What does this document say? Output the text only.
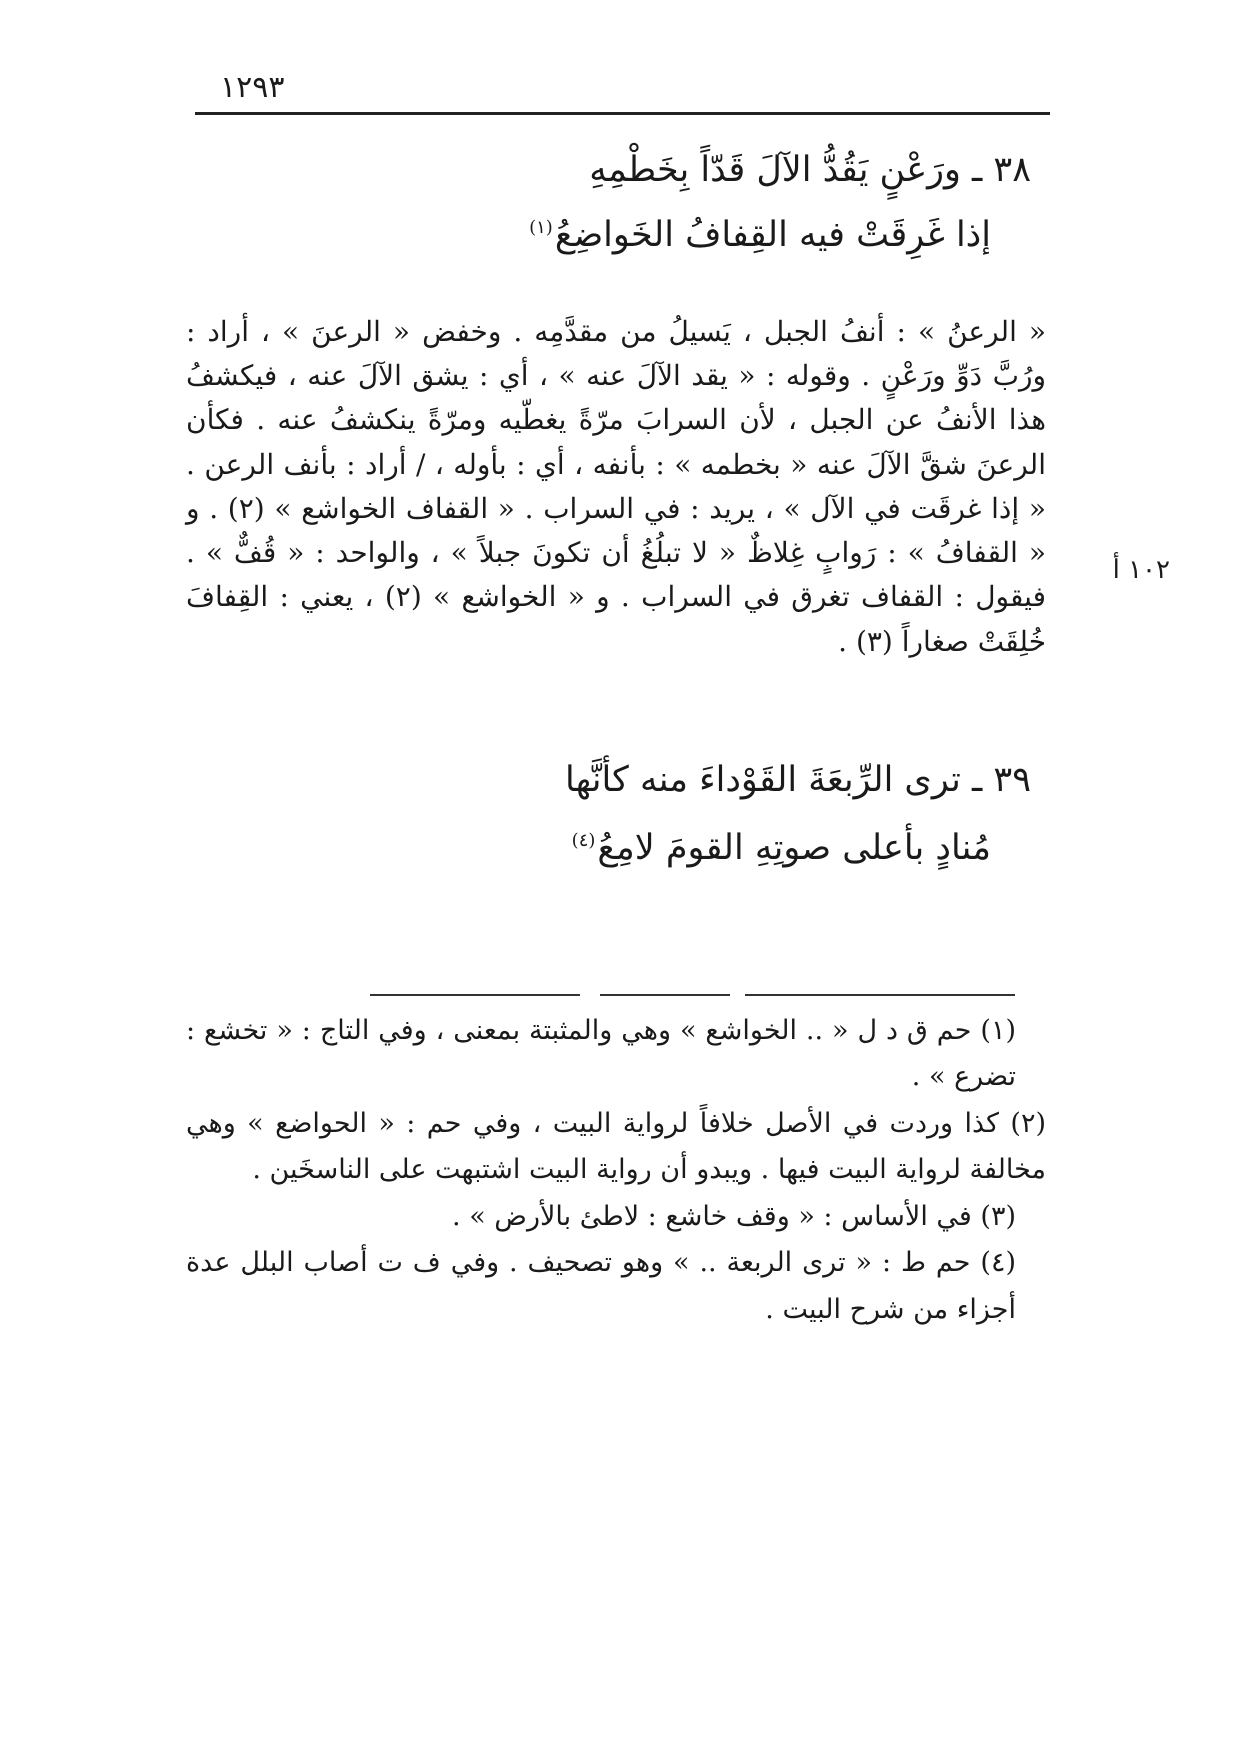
١٢٩٣
٣٨ ـ ورَعْنٍ يَقُدُّ الآلَ قَدّاً بِخَطْمِهِ
إذا غَرِقَتْ فيه القِفافُ الخَواضِعُ$^{(١)}$
« الرعنُ » : أنفُ الجبل ، يَسيلُ من مقدَّمِه . وخفض « الرعنَ » ، أراد : ورُبَّ دَوِّ ورَعْنٍ . وقوله : « يقد الآلَ عنه » ، أي : يشق الآلَ عنه ، فيكشفُ هذا الأنفُ عن الجبل ، لأن السرابَ مرّةً يغطّيه ومرّةً ينكشفُ عنه . فكأن الرعنَ شقَّ الآلَ عنه « بخطمه » : بأنفه ، أي : بأوله ، / أراد : بأنف الرعن . « إذا غرقَت في الآل » ، يريد : في السراب . « القفاف الخواشع » (٢) . و « القفافُ » : رَوابٍ غِلاظٌ « لا تبلُغُ أن تكونَ جبلاً » ، والواحد : « قُفٌّ » . فيقول : القفاف تغرق في السراب . و « الخواشع » (٢) ، يعني : القِفافَ خُلِقَتْ صغاراً (٣) .
١٠٢ أ
٣٩ ـ ترى الرِّبعَةَ القَوْداءَ منه كأنَّها
مُنادٍ بأعلى صوتِهِ القومَ لامِعُ$^{(٤)}$
(١) حم ق د ل « .. الخواشع » وهي والمثبتة بمعنى ، وفي التاج : « تخشع : تضرع » .
(٢) كذا وردت في الأصل خلافاً لرواية البيت ، وفي حم : « الحواضع » وهي مخالفة لرواية البيت فيها . ويبدو أن رواية البيت اشتبهت على الناسخَين .
(٣) في الأساس : « وقف خاشع : لاطئ بالأرض » .
(٤) حم ط : « ترى الربعة .. » وهو تصحيف . وفي ف ت أصاب البلل عدة أجزاء من شرح البيت .
